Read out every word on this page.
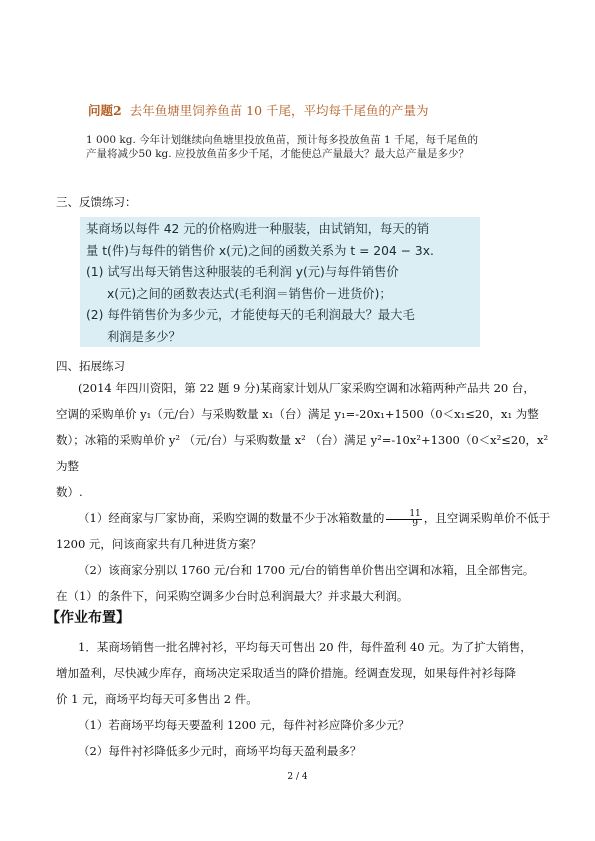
问题2 去年鱼塘里饲养鱼苗 10 千尾，平均每千尾鱼的产量为
1 000 kg. 今年计划继续向鱼塘里投放鱼苗，预计每多投放鱼苗 1 千尾，每千尾鱼的产量将减少50 kg. 应投放鱼苗多少千尾，才能使总产量最大？最大总产量是多少？
三、反馈练习：
某商场以每件 42 元的价格购进一种服装，由试销知，每天的销
量 t(件)与每件的销售价 x(元)之间的函数关系为 t = 204 − 3x.
(1) 试写出每天销售这种服装的毛利润 y(元)与每件销售价
x(元)之间的函数表达式(毛利润＝销售价－进货价)；
(2) 每件销售价为多少元，才能使每天的毛利润最大？最大毛
利润是多少？
四、拓展练习
(2014 年四川资阳，第 22 题 9 分)某商家计划从厂家采购空调和冰箱两种产品共 20 台，
空调的采购单价 y₁（元/台）与采购数量 x₁（台）满足 y₁=-20x₁+1500（0＜x₁≤20，x₁ 为整
数）；冰箱的采购单价 y² （元/台）与采购数量 x² （台）满足 y²=-10x²+1300（0＜x²≤20，x²为整
数）.
（1）经商家与厂家协商，采购空调的数量不少于冰箱数量的 $\frac{11}{9}$ ，且空调采购单价不低于
1200 元，问该商家共有几种进货方案？
（2）该商家分别以 1760 元/台和 1700 元/台的销售单价售出空调和冰箱，且全部售完。
在（1）的条件下，问采购空调多少台时总利润最大？并求最大利润。
【作业布置】
1．某商场销售一批名牌衬衫，平均每天可售出 20 件，每件盈利 40 元。为了扩大销售，
增加盈利，尽快减少库存，商场决定采取适当的降价措施。经调查发现，如果每件衬衫每降
价 1 元，商场平均每天可多售出 2 件。
（1）若商场平均每天要盈利 1200 元，每件衬衫应降价多少元？
（2）每件衬衫降低多少元时，商场平均每天盈利最多？
2 / 4
